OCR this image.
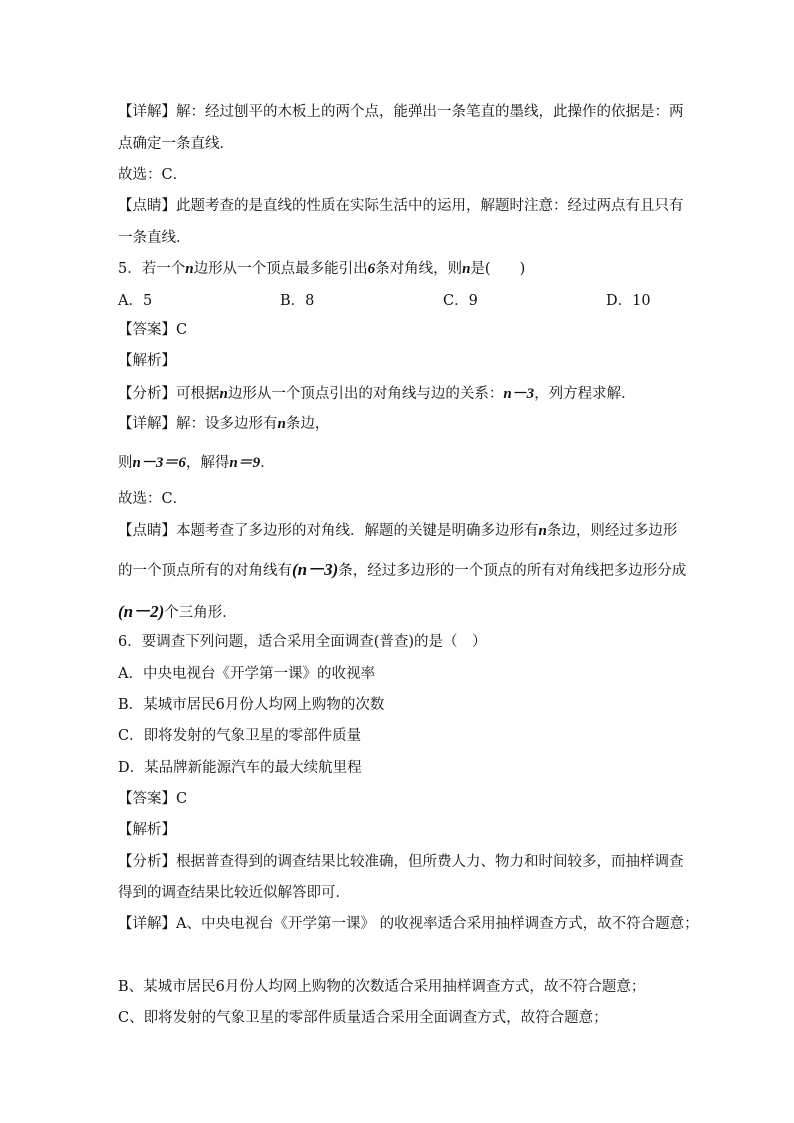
【详解】解：经过刨平的木板上的两个点，能弹出一条笔直的墨线，此操作的依据是：两
点确定一条直线．
故选：C．
【点睛】此题考查的是直线的性质在实际生活中的运用，解题时注意：经过两点有且只有
一条直线．
5．若一个n边形从一个顶点最多能引出6条对角线，则n是(　　)
A．5	B．8	C．9	D．10
【答案】C
【解析】
【分析】可根据n边形从一个顶点引出的对角线与边的关系：n－3，列方程求解．
【详解】解：设多边形有n条边，
则n－3＝6，解得n＝9．
故选：C．
【点睛】本题考查了多边形的对角线．解题的关键是明确多边形有n条边，则经过多边形
的一个顶点所有的对角线有(n－3)条，经过多边形的一个顶点的所有对角线把多边形分成
(n－2)个三角形．
6．要调查下列问题，适合采用全面调查(普查)的是（　）
A．中央电视台《开学第一课》的收视率
B．某城市居民6月份人均网上购物的次数
C．即将发射的气象卫星的零部件质量
D．某品牌新能源汽车的最大续航里程
【答案】C
【解析】
【分析】根据普查得到的调查结果比较准确，但所费人力、物力和时间较多，而抽样调查
得到的调查结果比较近似解答即可．
【详解】A、中央电视台《开学第一课》 的收视率适合采用抽样调查方式，故不符合题意；
B、某城市居民6月份人均网上购物的次数适合采用抽样调查方式，故不符合题意；
C、即将发射的气象卫星的零部件质量适合采用全面调查方式，故符合题意；
